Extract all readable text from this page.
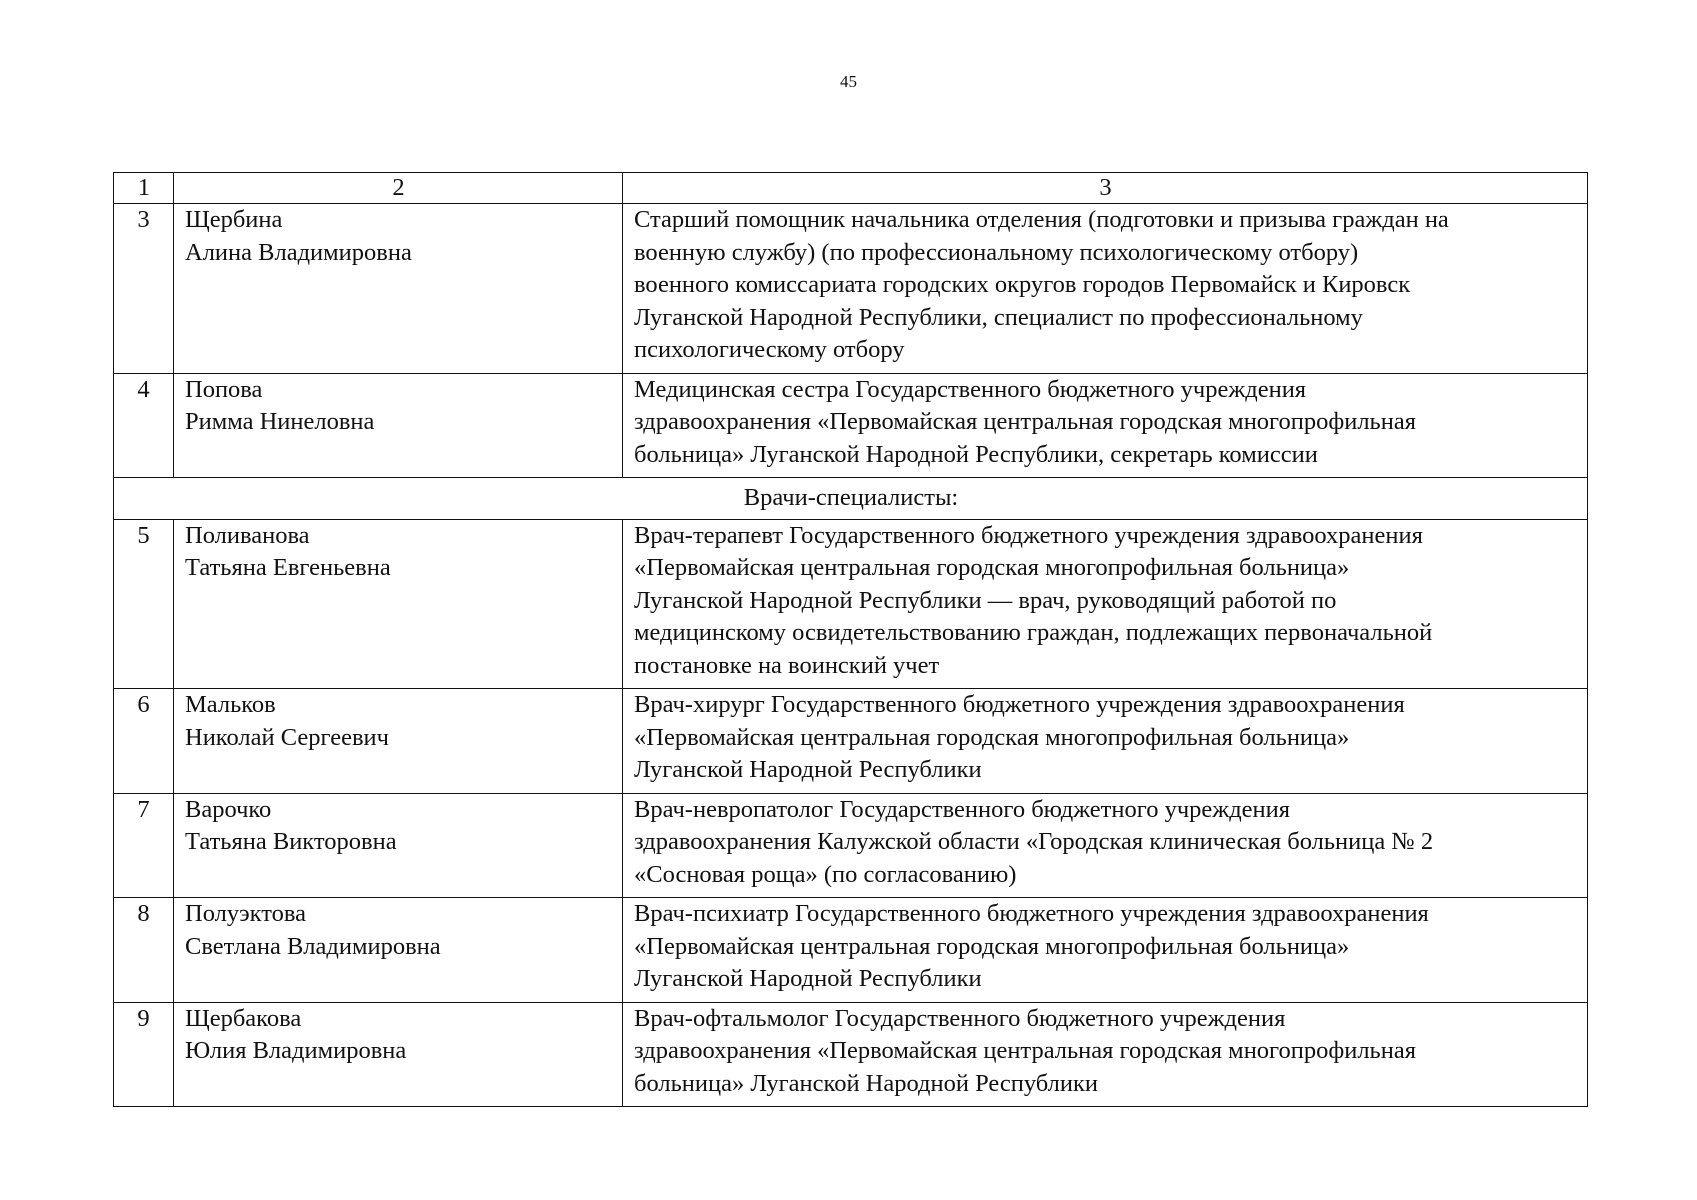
45
1	2	3
3	Щербина
Алина Владимировна	Старший помощник начальника отделения (подготовки и призыва граждан на
военную службу) (по профессиональному психологическому отбору)
военного комиссариата городских округов городов Первомайск и Кировск
Луганской Народной Республики, специалист по профессиональному
психологическому отбору

4	Попова
Римма Нинеловна	Медицинская сестра Государственного бюджетного учреждения
здравоохранения «Первомайская центральная городская многопрофильная
больница» Луганской Народной Республики, секретарь комиссии

Врачи-специалисты:		
5	Поливанова
Татьяна Евгеньевна	Врач-терапевт Государственного бюджетного учреждения здравоохранения
«Первомайская центральная городская многопрофильная больница»
Луганской Народной Республики — врач, руководящий работой по
медицинскому освидетельствованию граждан, подлежащих первоначальной
постановке на воинский учет

6	Мальков
Николай Сергеевич	Врач-хирург Государственного бюджетного учреждения здравоохранения
«Первомайская центральная городская многопрофильная больница»
Луганской Народной Республики

7	Варочко
Татьяна Викторовна	Врач-невропатолог Государственного бюджетного учреждения
здравоохранения Калужской области «Городская клиническая больница № 2
«Сосновая роща» (по согласованию)

8	Полуэктова
Светлана Владимировна	Врач-психиатр Государственного бюджетного учреждения здравоохранения
«Первомайская центральная городская многопрофильная больница»
Луганской Народной Республики

9	Щербакова
Юлия Владимировна	Врач-офтальмолог Государственного бюджетного учреждения
здравоохранения «Первомайская центральная городская многопрофильная
больница» Луганской Народной Республики
